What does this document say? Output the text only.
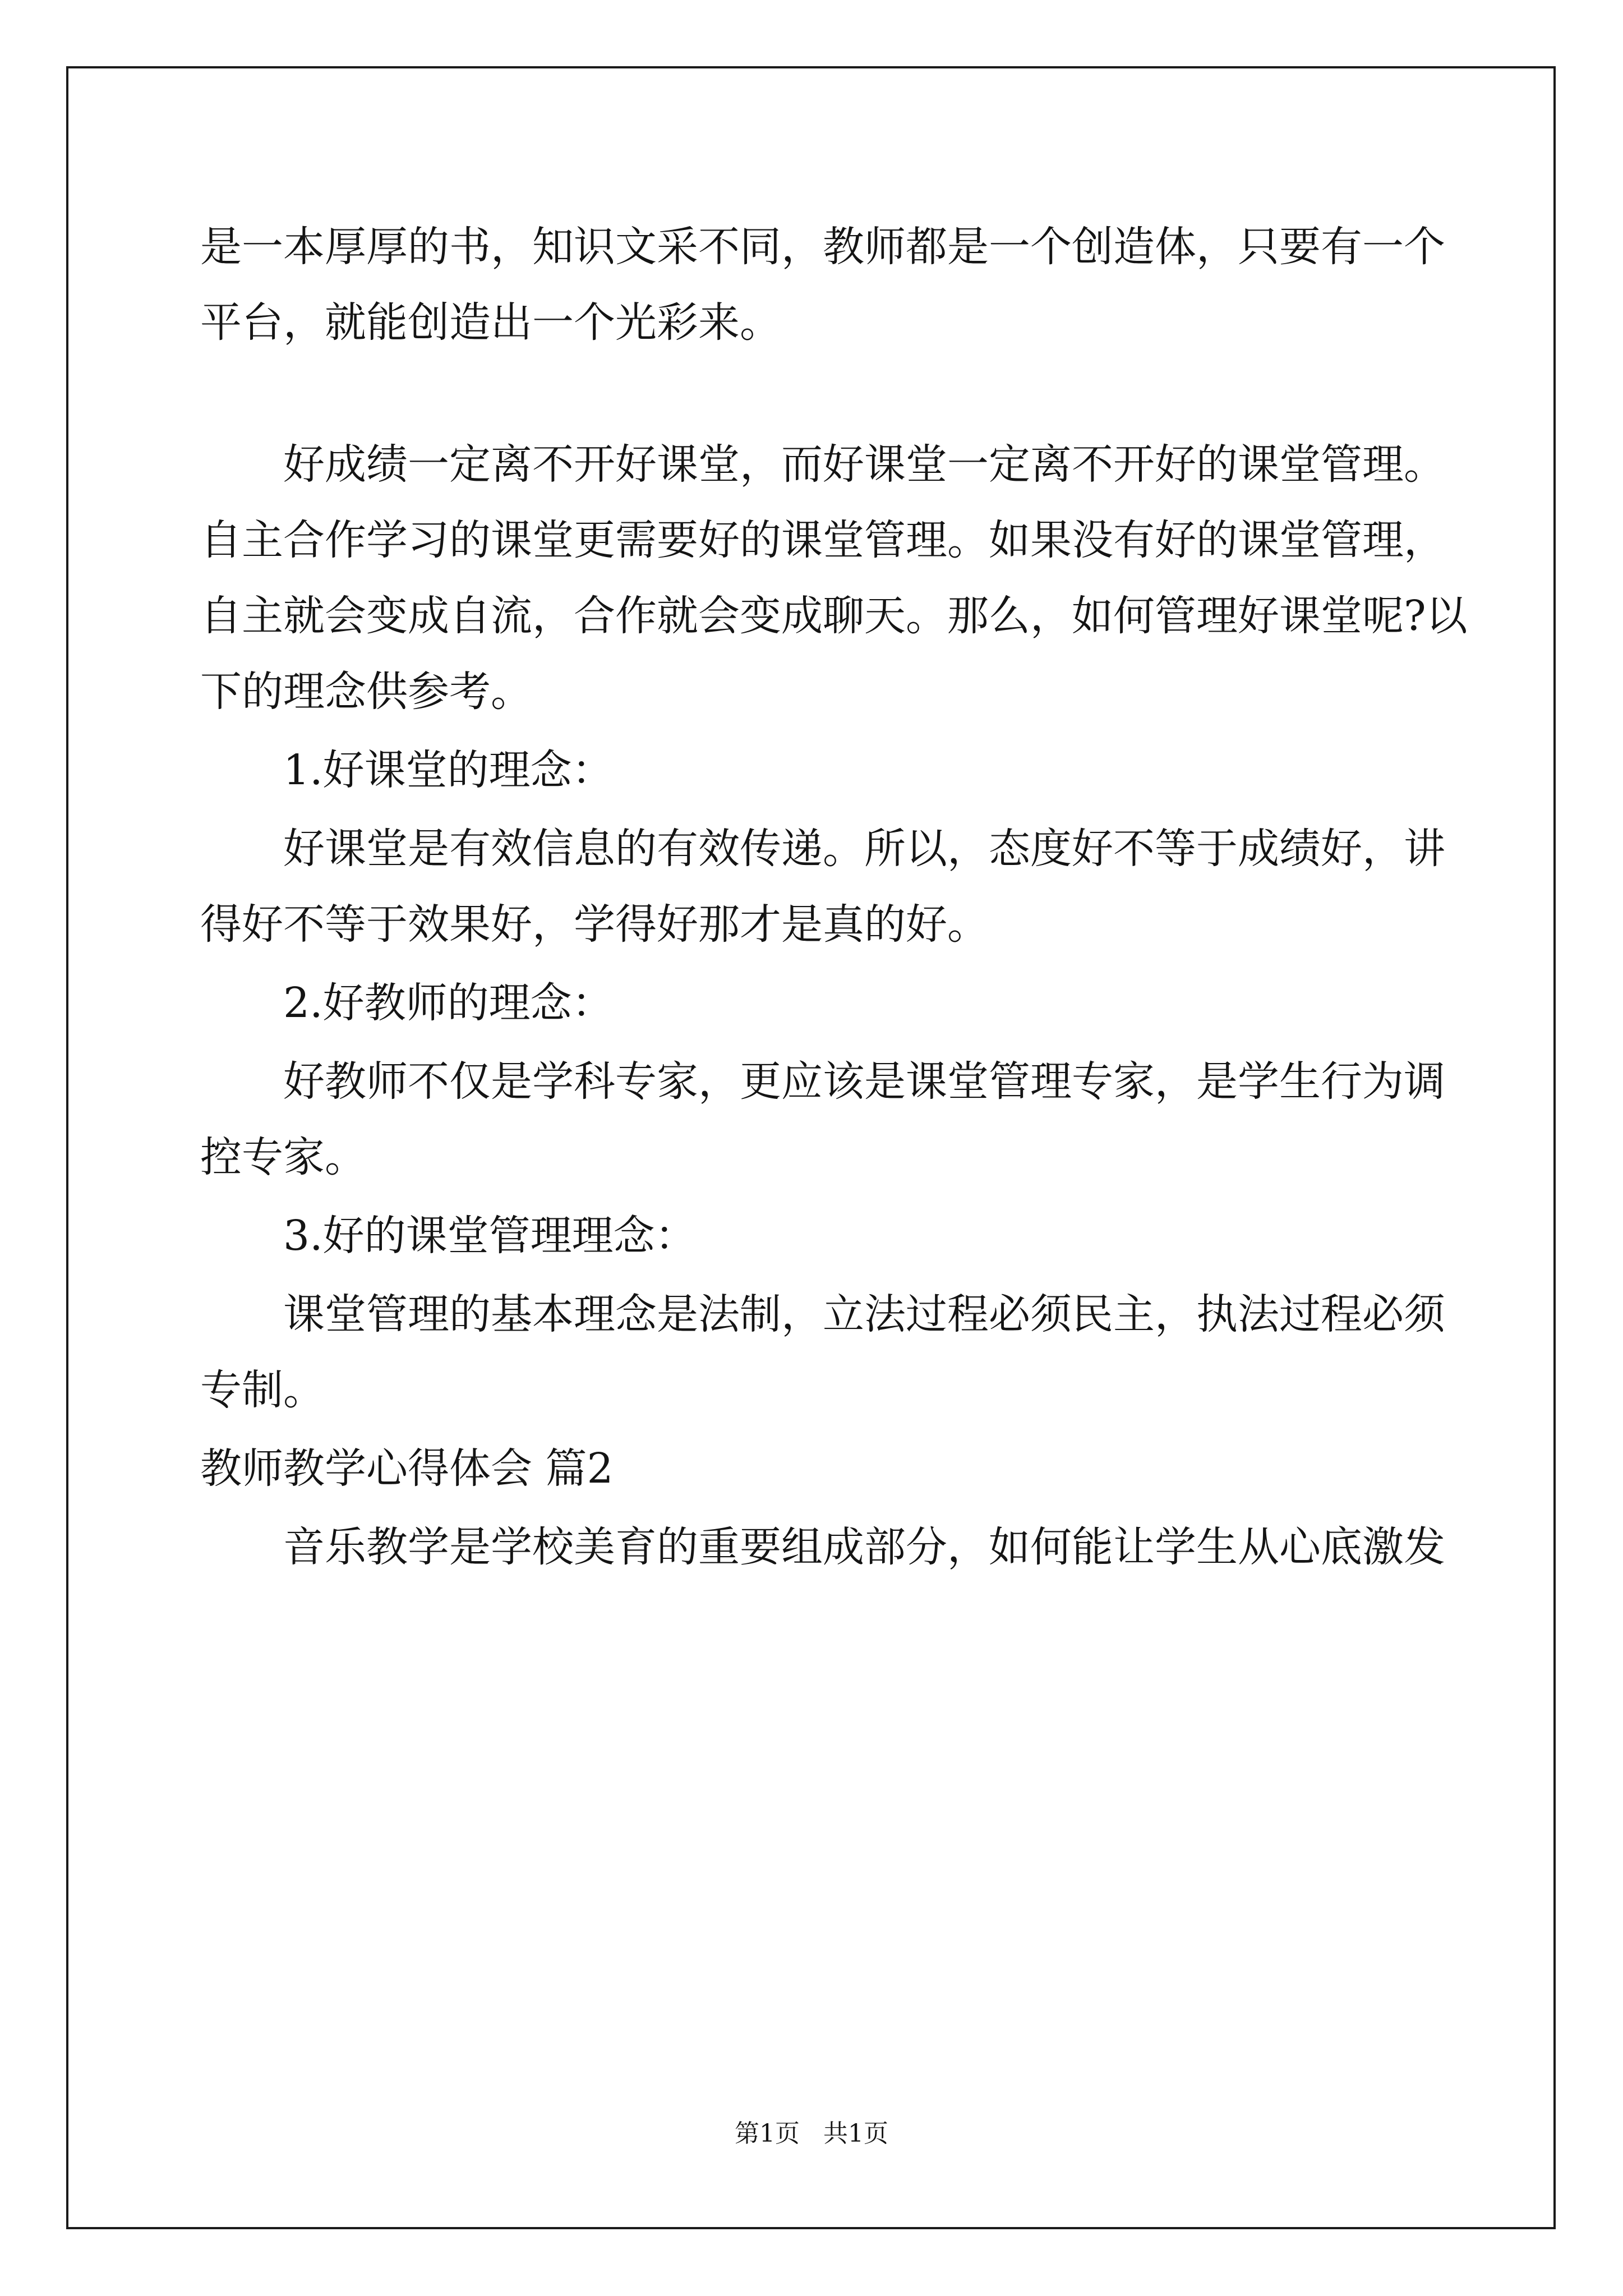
是一本厚厚的书，知识文采不同，教师都是一个创造体，只要有一个
平台，就能创造出一个光彩来。
好成绩一定离不开好课堂，而好课堂一定离不开好的课堂管理。
自主合作学习的课堂更需要好的课堂管理。如果没有好的课堂管理，
自主就会变成自流，合作就会变成聊天。那么，如何管理好课堂呢?以
下的理念供参考。
1.好课堂的理念：
好课堂是有效信息的有效传递。所以，态度好不等于成绩好，讲
得好不等于效果好，学得好那才是真的好。
2.好教师的理念：
好教师不仅是学科专家，更应该是课堂管理专家，是学生行为调
控专家。
3.好的课堂管理理念：
课堂管理的基本理念是法制，立法过程必须民主，执法过程必须
专制。
教师教学心得体会 篇2
音乐教学是学校美育的重要组成部分，如何能让学生从心底激发
第1页   共1页
